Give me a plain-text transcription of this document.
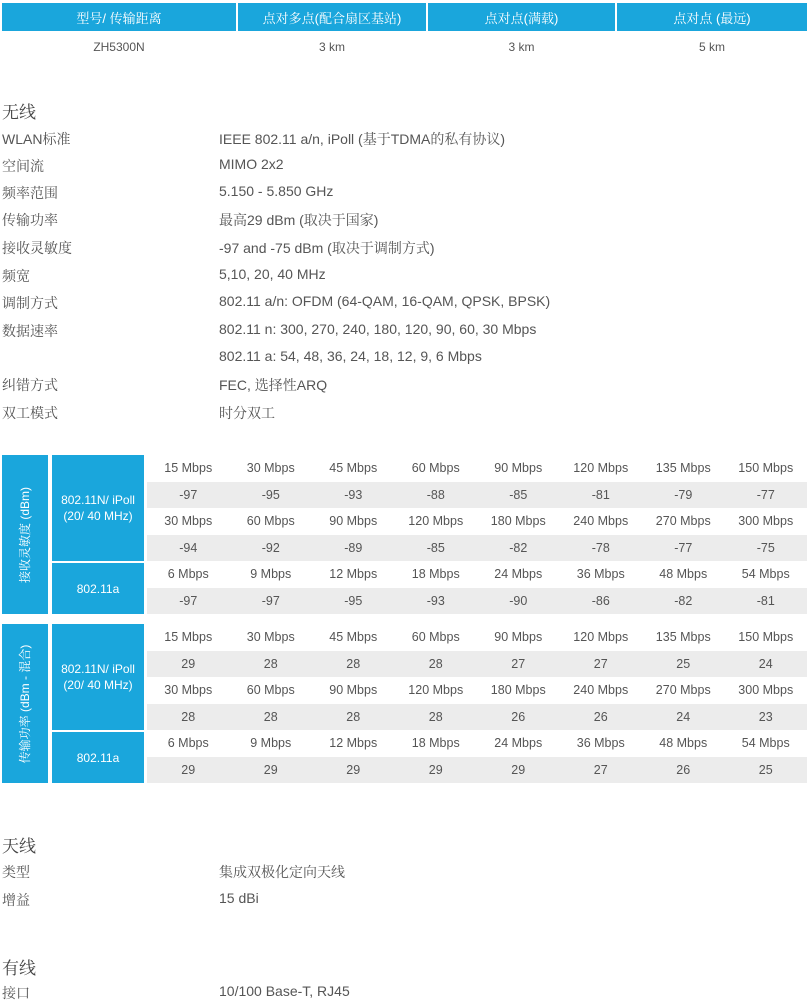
型号/ 传输距离	点对多点(配合扇区基站)	点对点(满载)	点对点 (最远)
ZH5300N	3 km	3 km	5 km
无线
WLAN标准	IEEE 802.11 a/n, iPoll (基于TDMA的私有协议)
空间流	MIMO 2x2
频率范围	5.150 - 5.850 GHz
传输功率	最高29 dBm (取决于国家)
接收灵敏度	-97 and -75 dBm (取决于调制方式)
频宽	5,10, 20, 40 MHz
调制方式	802.11 a/n: OFDM (64-QAM, 16-QAM, QPSK, BPSK)
数据速率	802.11 n: 300, 270, 240, 180, 120, 90, 60, 30 Mbps
802.11 a: 54, 48, 36, 24, 18, 12, 9, 6 Mbps
纠错方式	FEC, 选择性ARQ
双工模式	时分双工
接收灵敏度 (dBm)	802.11N/ iPoll (20/ 40 MHz)
802.11a
15 Mbps	30 Mbps	45 Mbps	60 Mbps	90 Mbps	120 Mbps	135 Mbps	150 Mbps
-97	-95	-93	-88	-85	-81	-79	-77
30 Mbps	60 Mbps	90 Mbps	120 Mbps	180 Mbps	240 Mbps	270 Mbps	300 Mbps
-94	-92	-89	-85	-82	-78	-77	-75
6 Mbps	9 Mbps	12 Mbps	18 Mbps	24 Mbps	36 Mbps	48 Mbps	54 Mbps
-97	-97	-95	-93	-90	-86	-82	-81
传输功率 (dBm - 混合)	802.11N/ iPoll (20/ 40 MHz)
802.11a
15 Mbps	30 Mbps	45 Mbps	60 Mbps	90 Mbps	120 Mbps	135 Mbps	150 Mbps
29	28	28	28	27	27	25	24
30 Mbps	60 Mbps	90 Mbps	120 Mbps	180 Mbps	240 Mbps	270 Mbps	300 Mbps
28	28	28	28	26	26	24	23
6 Mbps	9 Mbps	12 Mbps	18 Mbps	24 Mbps	36 Mbps	48 Mbps	54 Mbps
29	29	29	29	29	27	26	25
天线
类型	集成双极化定向天线
增益	15 dBi
有线
接口	10/100 Base-T, RJ45
